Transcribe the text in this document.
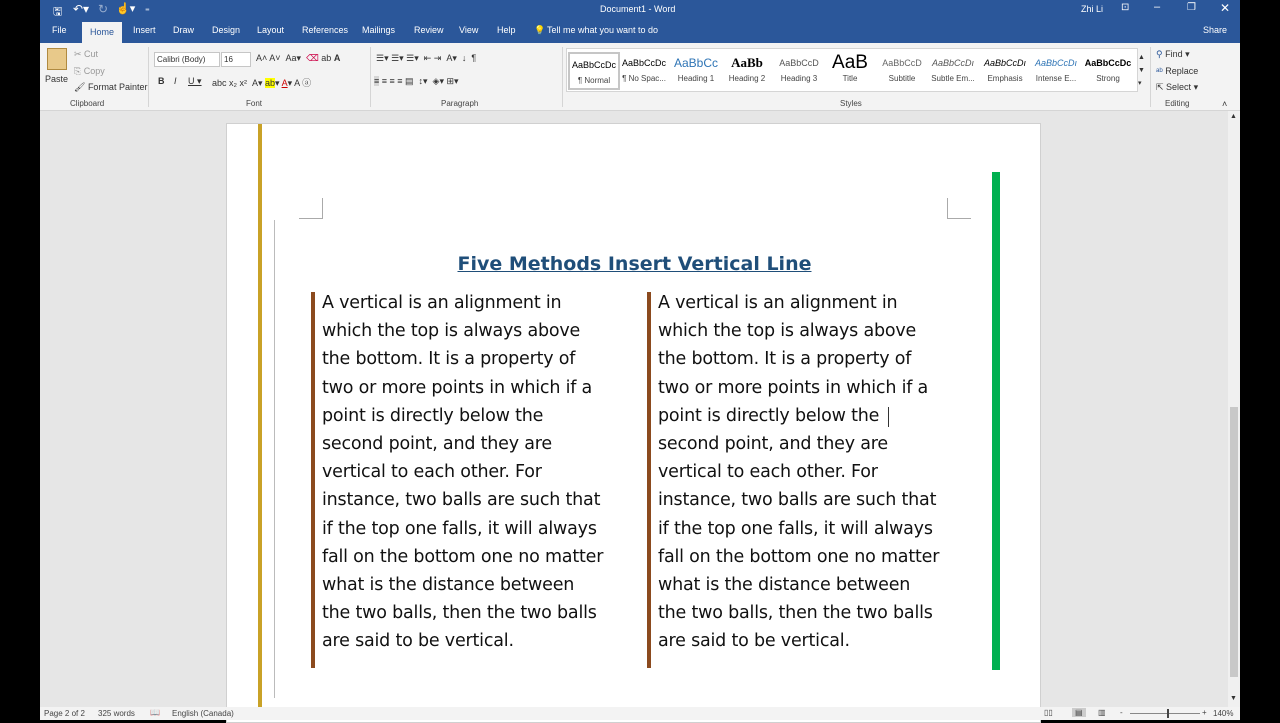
🖫 ↶▾ ↻ ☝▾ ₌	Document1 - Word	Zhi Li ⊡ –	❐ ✕
File	Home	Insert Draw Design Layout References Mailings Review View Help 💡 Tell me what you want to do	Share
Paste
✂ Cut
⎘ Copy
🖌 Format Painter
Clipboard
Calibri (Body)	16	A˄ A˅  Aa▾  ⌫ ab A
B I U ▾ abc x₂ x²  A▾ ab▾ A▾ A ⓐ
Font
☰▾ ☰▾ ☰▾  ⇤ ⇥  A▾  ↓  ¶
≡ ≡ ≡ ≡ ▤  ↕▾  ◈▾ ⊞▾
Paragraph
AaBbCcDc
¶ Normal
AaBbCcDc
¶ No Spac...
AaBbCc
Heading 1
AaBb
Heading 2
AaBbCcD
Heading 3
AaB
Title
AaBbCcD
Subtitle
AaBbCcDı
Subtle Em...
AaBbCcDı
Emphasis
AaBbCcDı
Intense E...
AaBbCcDc
Strong
▲
▼
▾
Styles
⚲ Find ▾
ᵃᵇ Replace
⇱ Select ▾
Editing	˄
Five Methods Insert Vertical Line
A vertical is an alignment in
which the top is always above
the bottom. It is a property of
two or more points in which if a
point is directly below the
second point, and they are
vertical to each other. For
instance, two balls are such that
if the top one falls, it will always
fall on the bottom one no matter
what is the distance between
the two balls, then the two balls
are said to be vertical.
A vertical is an alignment in
which the top is always above
the bottom. It is a property of
two or more points in which if a
point is directly below the
second point, and they are
vertical to each other. For
instance, two balls are such that
if the top one falls, it will always
fall on the bottom one no matter
what is the distance between
the two balls, then the two balls
are said to be vertical.
▲
▼
Page 2 of 2 325 words 📖 English (Canada)	▯▯	▤	▥ -	+ 140%
